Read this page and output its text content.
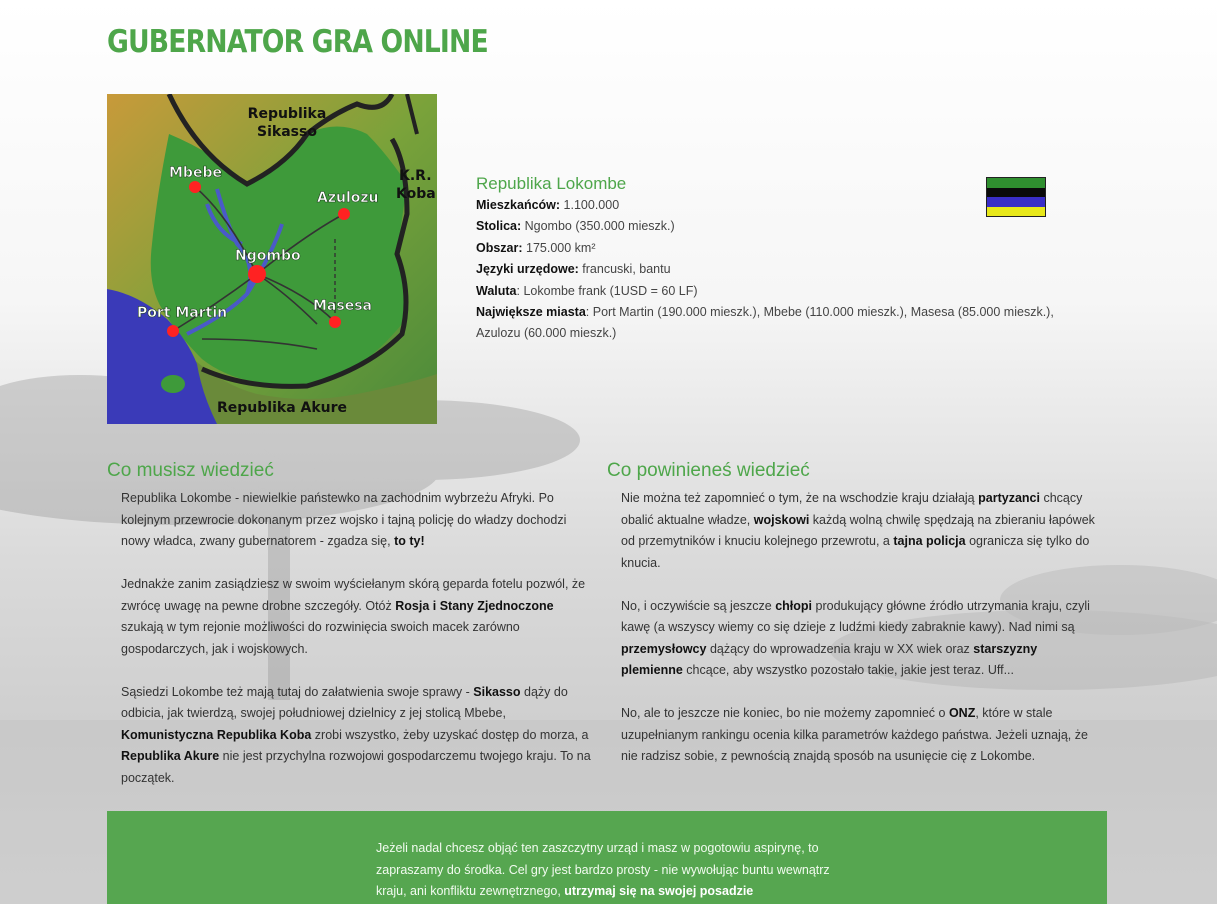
GUBERNATOR GRA ONLINE
Republika
Sikasso
K.R.
Koba
Republika Akure
Mbebe
Azulozu
Ngombo
Port Martin	Masesa
Republika Lokombe

Mieszkańców: 1.100.000

Stolica: Ngombo (350.000 mieszk.)

Obszar: 175.000 km²

Języki urzędowe: francuski, bantu

Waluta: Lokombe frank (1USD = 60 LF)

Największe miasta: Port Martin (190.000 mieszk.), Mbebe (110.000 mieszk.), Masesa (85.000 mieszk.), Azulozu (60.000 mieszk.)

Co musisz wiedzieć

Republika Lokombe - niewielkie państewko na zachodnim wybrzeżu Afryki. Po kolejnym przewrocie dokonanym przez wojsko i tajną policję do władzy dochodzi nowy władca, zwany gubernatorem - zgadza się, to ty!

Jednakże zanim zasiądziesz w swoim wyściełanym skórą geparda fotelu pozwól, że zwrócę uwagę na pewne drobne szczegóły. Otóż Rosja i Stany Zjednoczone szukają w tym rejonie możliwości do rozwinięcia swoich macek zarówno gospodarczych, jak i wojskowych.

Sąsiedzi Lokombe też mają tutaj do załatwienia swoje sprawy - Sikasso dąży do odbicia, jak twierdzą, swojej południowej dzielnicy z jej stolicą Mbebe, Komunistyczna Republika Koba zrobi wszystko, żeby uzyskać dostęp do morza, a Republika Akure nie jest przychylna rozwojowi gospodarczemu twojego kraju. To na początek.

Co powinieneś wiedzieć

Nie można też zapomnieć o tym, że na wschodzie kraju działają partyzanci chcący obalić aktualne władze, wojskowi każdą wolną chwilę spędzają na zbieraniu łapówek od przemytników i knuciu kolejnego przewrotu, a tajna policja ogranicza się tylko do knucia.

No, i oczywiście są jeszcze chłopi produkujący główne źródło utrzymania kraju, czyli kawę (a wszyscy wiemy co się dzieje z ludźmi kiedy zabraknie kawy). Nad nimi są przemysłowcy dążący do wprowadzenia kraju w XX wiek oraz starszyzny plemienne chcące, aby wszystko pozostało takie, jakie jest teraz. Uff...

No, ale to jeszcze nie koniec, bo nie możemy zapomnieć o ONZ, które w stale uzupełnianym rankingu ocenia kilka parametrów każdego państwa. Jeżeli uznają, że nie radzisz sobie, z pewnością znajdą sposób na usunięcie cię z Lokombe.

Jeżeli nadal chcesz objąć ten zaszczytny urząd i masz w pogotowiu aspirynę, to zapraszamy do środka. Cel gry jest bardzo prosty - nie wywołując buntu wewnątrz kraju, ani konfliktu zewnętrznego, utrzymaj się na swojej posadzie
